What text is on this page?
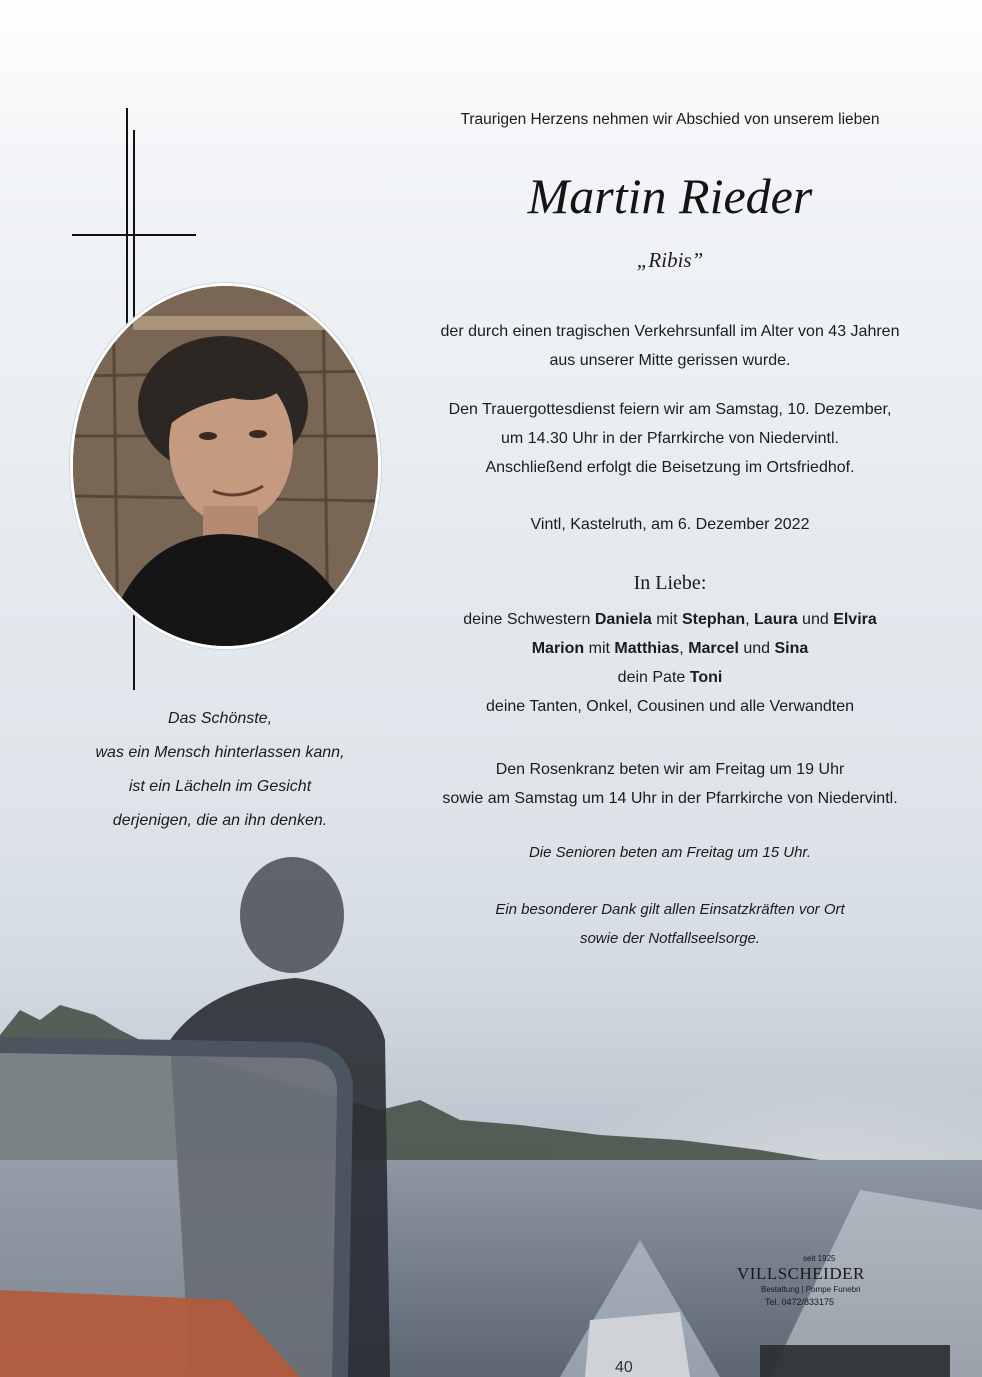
40
Traurigen Herzens nehmen wir Abschied von unserem lieben
Martin Rieder
„Ribis”
der durch einen tragischen Verkehrsunfall im Alter von 43 Jahren
aus unserer Mitte gerissen wurde.
Den Trauergottesdienst feiern wir am Samstag, 10. Dezember,
um 14.30 Uhr in der Pfarrkirche von Niedervintl.
Anschließend erfolgt die Beisetzung im Ortsfriedhof.
Vintl, Kastelruth, am 6. Dezember 2022
In Liebe:
deine Schwestern Daniela mit Stephan, Laura und Elvira
Marion mit Matthias, Marcel und Sina
dein Pate Toni
deine Tanten, Onkel, Cousinen und alle Verwandten
Den Rosenkranz beten wir am Freitag um 19 Uhr
sowie am Samstag um 14 Uhr in der Pfarrkirche von Niedervintl.
Die Senioren beten am Freitag um 15 Uhr.
Ein besonderer Dank gilt allen Einsatzkräften vor Ort
sowie der Notfallseelsorge.
Das Schönste,
was ein Mensch hinterlassen kann,
ist ein Lächeln im Gesicht
derjenigen, die an ihn denken.
seit 1925
VILLSCHEIDER
Bestattung | Pompe Funebri
Tel. 0472/833175
